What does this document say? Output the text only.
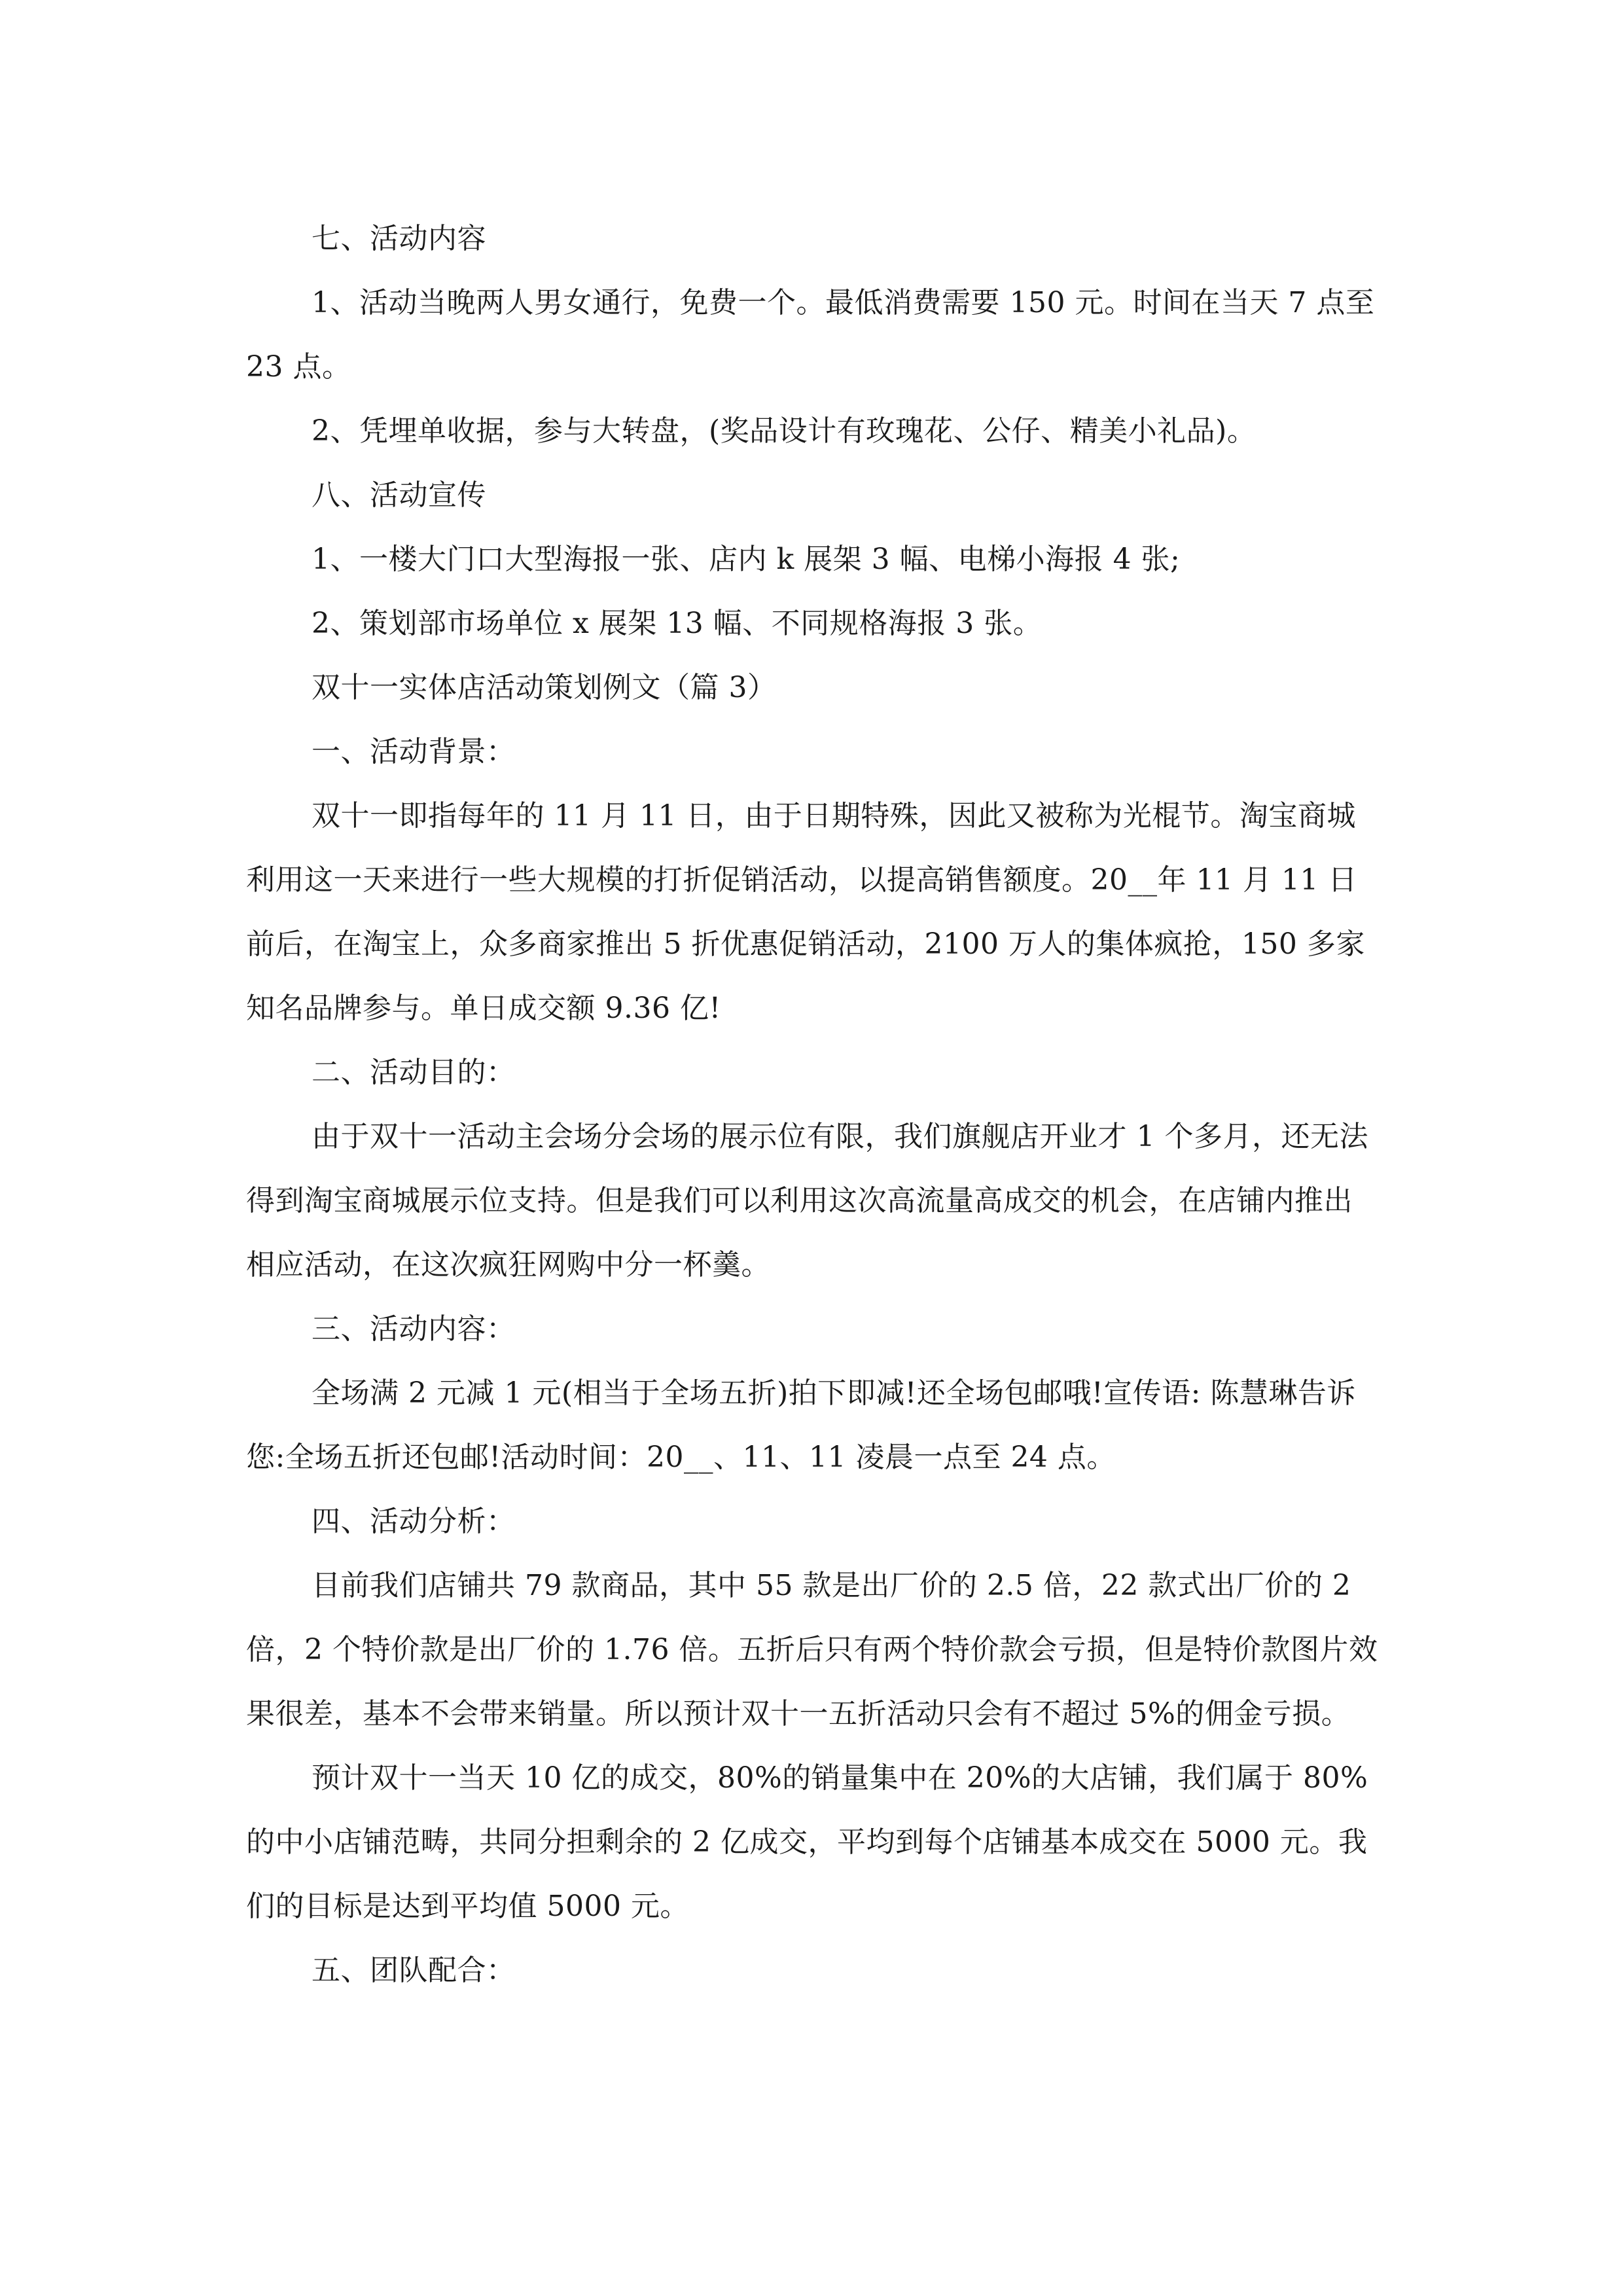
七、活动内容

1、活动当晚两人男女通行，免费一个。最低消费需要 150 元。时间在当天 7 点至 23 点。

2、凭埋单收据，参与大转盘，(奖品设计有玫瑰花、公仔、精美小礼品)。

八、活动宣传

1、一楼大门口大型海报一张、店内 k 展架 3 幅、电梯小海报 4 张;

2、策划部市场单位 x 展架 13 幅、不同规格海报 3 张。

双十一实体店活动策划例文（篇 3）

一、活动背景：

双十一即指每年的 11 月 11 日，由于日期特殊，因此又被称为光棍节。淘宝商城利用这一天来进行一些大规模的打折促销活动，以提高销售额度。20__年 11 月 11 日前后，在淘宝上，众多商家推出 5 折优惠促销活动，2100 万人的集体疯抢，150 多家知名品牌参与。单日成交额 9.36 亿!

二、活动目的：

由于双十一活动主会场分会场的展示位有限，我们旗舰店开业才 1 个多月，还无法得到淘宝商城展示位支持。但是我们可以利用这次高流量高成交的机会，在店铺内推出相应活动，在这次疯狂网购中分一杯羹。

三、活动内容：

全场满 2 元减 1 元(相当于全场五折)拍下即减!还全场包邮哦!宣传语: 陈慧琳告诉您:全场五折还包邮!活动时间：20__、11、11 凌晨一点至 24 点。

四、活动分析：

目前我们店铺共 79 款商品，其中 55 款是出厂价的 2.5 倍，22 款式出厂价的 2 倍，2 个特价款是出厂价的 1.76 倍。五折后只有两个特价款会亏损，但是特价款图片效果很差，基本不会带来销量。所以预计双十一五折活动只会有不超过 5%的佣金亏损。

预计双十一当天 10 亿的成交，80%的销量集中在 20%的大店铺，我们属于 80%的中小店铺范畴，共同分担剩余的 2 亿成交，平均到每个店铺基本成交在 5000 元。我们的目标是达到平均值 5000 元。

五、团队配合：
